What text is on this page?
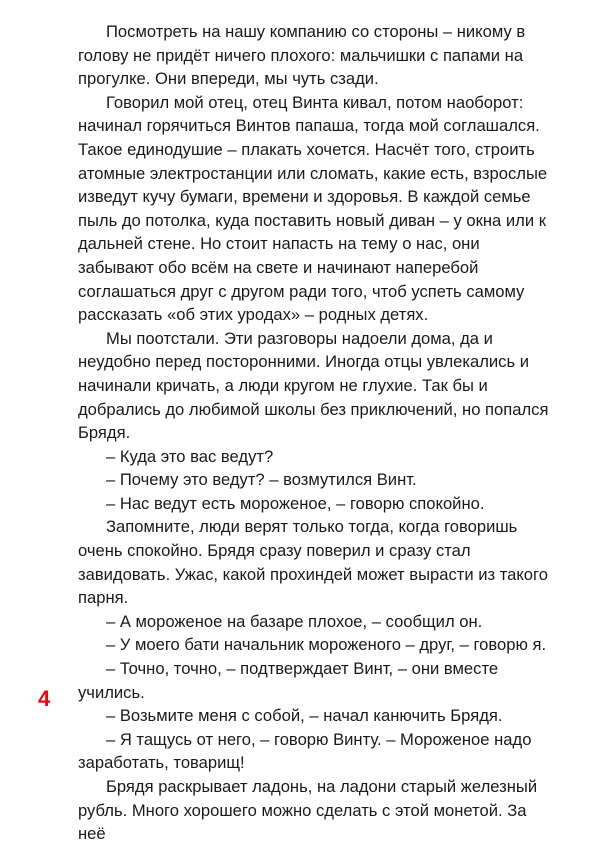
Посмотреть на нашу компанию со стороны – никому в голову не придёт ничего плохого: мальчишки с папами на прогулке. Они впереди, мы чуть сзади.

Говорил мой отец, отец Винта кивал, потом наоборот: начинал горячиться Винтов папаша, тогда мой соглашался. Такое единодушие – плакать хочется. Насчёт того, строить атомные электростанции или сломать, какие есть, взрослые изведут кучу бумаги, времени и здоровья. В каждой семье пыль до потолка, куда поставить новый диван – у окна или к дальней стене. Но стоит напасть на тему о нас, они забывают обо всём на свете и начинают наперебой соглашаться друг с другом ради того, чтоб успеть самому рассказать «об этих уродах» – родных детях.

Мы поотстали. Эти разговоры надоели дома, да и неудобно перед посторонними. Иногда отцы увлекались и начинали кричать, а люди кругом не глухие. Так бы и добрались до любимой школы без приключений, но попался Брядя.

– Куда это вас ведут?

– Почему это ведут? – возмутился Винт.

– Нас ведут есть мороженое, – говорю спокойно.

Запомните, люди верят только тогда, когда говоришь очень спокойно. Брядя сразу поверил и сразу стал завидовать. Ужас, какой прохиндей может вырасти из такого парня.

– А мороженое на базаре плохое, – сообщил он.

– У моего бати начальник мороженого – друг, – говорю я.

– Точно, точно, – подтверждает Винт, – они вместе учились.

– Возьмите меня с собой, – начал канючить Брядя.

– Я тащусь от него, – говорю Винту. – Мороженое надо заработать, товарищ!

Брядя раскрывает ладонь, на ладони старый железный рубль. Много хорошего можно сделать с этой монетой. За неё

4
